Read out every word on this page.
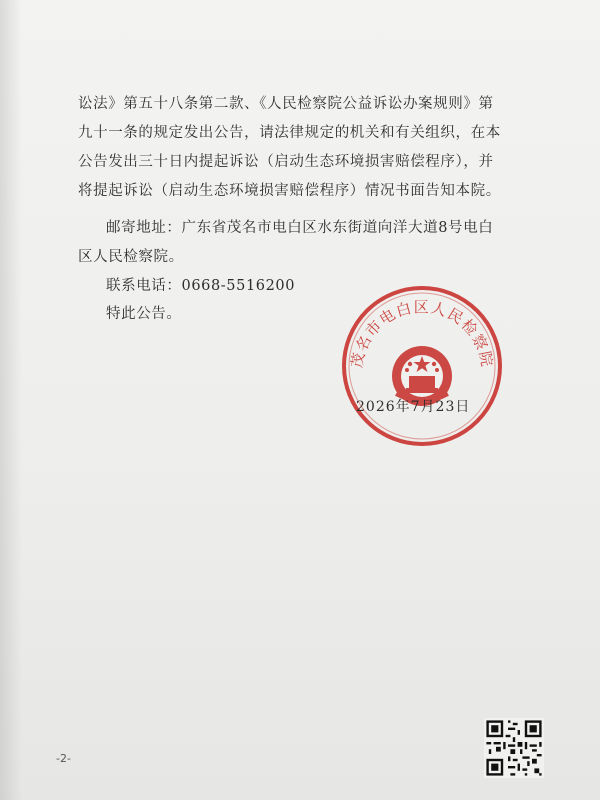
讼法》第五十八条第二款、《人民检察院公益诉讼办案规则》第
九十一条的规定发出公告，请法律规定的机关和有关组织，在本
公告发出三十日内提起诉讼（启动生态环境损害赔偿程序），并
将提起诉讼（启动生态环境损害赔偿程序）情况书面告知本院。
邮寄地址：广东省茂名市电白区水东街道向洋大道8号电白
区人民检察院。
联系电话：0668-5516200
特此公告。
茂名市电白区人民检察院
2026年7月23日
-2-
